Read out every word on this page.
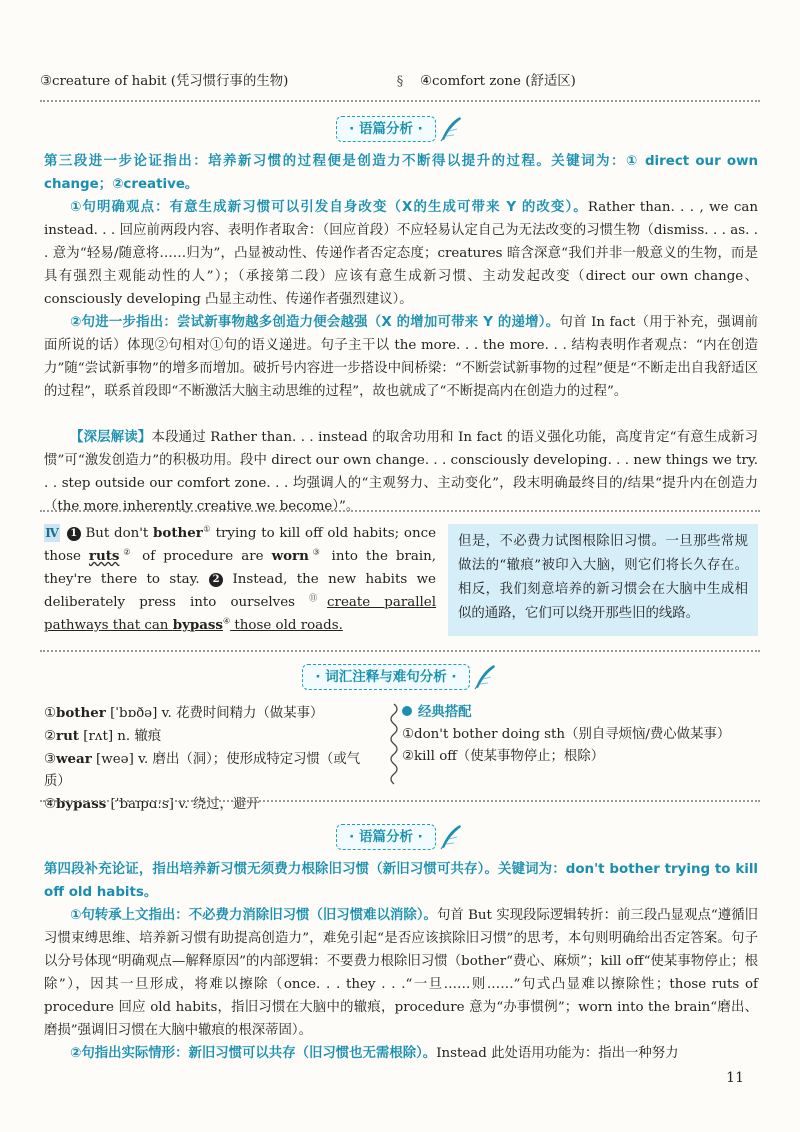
③creature of habit (凭习惯行事的生物)	§	④comfort zone (舒适区)
· 语篇分析 ·
第三段进一步论证指出：培养新习惯的过程便是创造力不断得以提升的过程。关键词为：① direct our own change；②creative。
①句明确观点：有意生成新习惯可以引发自身改变（X的生成可带来 Y 的改变）。Rather than. . . , we can instead. . . 回应前两段内容、表明作者取舍：（回应首段）不应轻易认定自己为无法改变的习惯生物（dismiss. . . as. . . 意为“轻易/随意将……归为”，凸显被动性、传递作者否定态度；creatures 暗含深意“我们并非一般意义的生物，而是具有强烈主观能动性的人”）；（承接第二段）应该有意生成新习惯、主动发起改变（direct our own change、consciously developing 凸显主动性、传递作者强烈建议）。
②句进一步指出：尝试新事物越多创造力便会越强（X 的增加可带来 Y 的递增）。句首 In fact（用于补充，强调前面所说的话）体现②句相对①句的语义递进。句子主干以 the more. . . the more. . . 结构表明作者观点：“内在创造力”随“尝试新事物”的增多而增加。破折号内容进一步搭设中间桥梁：“不断尝试新事物的过程”便是“不断走出自我舒适区的过程”，联系首段即“不断激活大脑主动思维的过程”，故也就成了“不断提高内在创造力的过程”。
【深层解读】本段通过 Rather than. . . instead 的取舍功用和 In fact 的语义强化功能，高度肯定“有意生成新习惯”可“激发创造力”的积极功用。段中 direct our own change. . . consciously developing. . . new things we try. . . step outside our comfort zone. . . 均强调人的“主观努力、主动变化”，段末明确最终目的/结果“提升内在创造力（the more inherently creative we become）”。
Ⅳ 1 But don't bother① trying to kill off old habits; once those ruts② of procedure are worn③ into the brain, they're there to stay. 2 Instead, the new habits we deliberately press into ourselves ⑪create parallel pathways that can bypass④ those old roads.
但是，不必费力试图根除旧习惯。一旦那些常规做法的“辙痕”被印入大脑，则它们将长久存在。相反，我们刻意培养的新习惯会在大脑中生成相似的通路，它们可以绕开那些旧的线路。
· 词汇注释与难句分析 ·
①bother [ˈbɒðə] v. 花费时间精力（做某事）
②rut [rʌt] n. 辙痕
③wear [weə] v. 磨出（洞）；使形成特定习惯（或气质）
④bypass [ˈbaɪpɑːs] v. 绕过，避开
经典搭配
①don't bother doing sth（别自寻烦恼/费心做某事）
②kill off（使某事物停止；根除）
· 语篇分析 ·
第四段补充论证，指出培养新习惯无须费力根除旧习惯（新旧习惯可共存）。关键词为：don't bother trying to kill off old habits。
①句转承上文指出：不必费力消除旧习惯（旧习惯难以消除）。句首 But 实现段际逻辑转折：前三段凸显观点“遵循旧习惯束缚思维、培养新习惯有助提高创造力”，难免引起“是否应该摈除旧习惯”的思考，本句则明确给出否定答案。句子以分号体现“明确观点—解释原因”的内部逻辑：不要费力根除旧习惯（bother“费心、麻烦”；kill off“使某事物停止；根除”），因其一旦形成，将难以擦除（once. . . they . . .“一旦……则……”句式凸显难以擦除性；those ruts of procedure 回应 old habits，指旧习惯在大脑中的辙痕，procedure 意为“办事惯例”；worn into the brain“磨出、磨损”强调旧习惯在大脑中辙痕的根深蒂固）。
②句指出实际情形：新旧习惯可以共存（旧习惯也无需根除）。Instead 此处语用功能为：指出一种努力
11
